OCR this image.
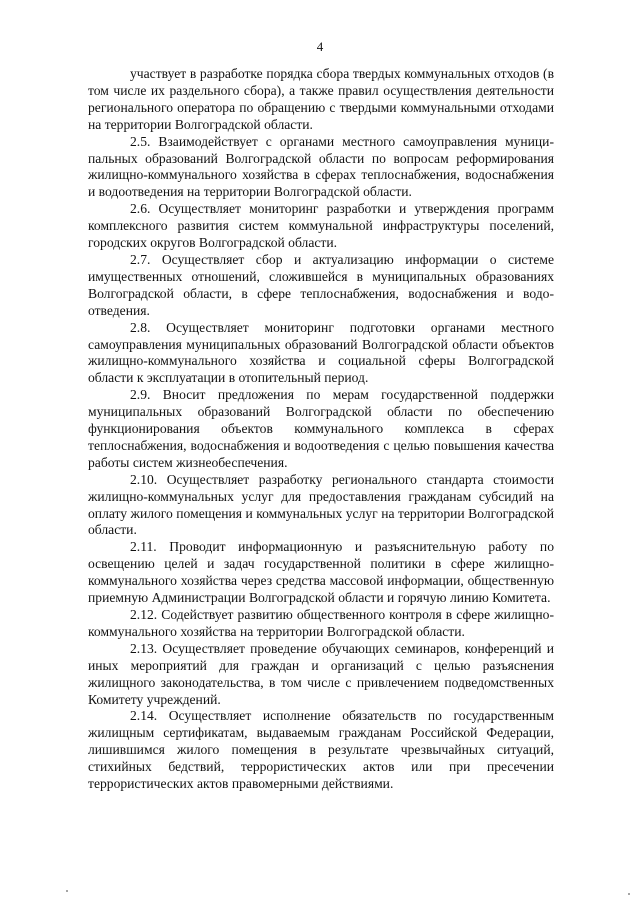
4

участвует в разработке порядка сбора твердых коммунальных отходов (в том числе их раздельного сбора), а также правил осуществления деятельности регионального оператора по обращению с твердыми коммунальными отходами на территории Волгоградской области.

2.5. Взаимодействует с органами местного самоуправления муниципальных образований Волгоградской области по вопросам реформирования жилищно-коммунального хозяйства в сферах теплоснабжения, водоснабжения и водоотведения на территории Волгоградской области.

2.6. Осуществляет мониторинг разработки и утверждения программ комплексного развития систем коммунальной инфраструктуры поселений, городских округов Волгоградской области.

2.7. Осуществляет сбор и актуализацию информации о системе имущественных отношений, сложившейся в муниципальных образованиях Волгоградской области, в сфере теплоснабжения, водоснабжения и водоотведения.

2.8. Осуществляет мониторинг подготовки органами местного самоуправления муниципальных образований Волгоградской области объектов жилищно-коммунального хозяйства и социальной сферы Волгоградской области к эксплуатации в отопительный период.

2.9. Вносит предложения по мерам государственной поддержки муниципальных образований Волгоградской области по обеспечению функционирования объектов коммунального комплекса в сферах теплоснабжения, водоснабжения и водоотведения с целью повышения качества работы систем жизнеобеспечения.

2.10. Осуществляет разработку регионального стандарта стоимости жилищно-коммунальных услуг для предоставления гражданам субсидий на оплату жилого помещения и коммунальных услуг на территории Волгоградской области.

2.11. Проводит информационную и разъяснительную работу по освещению целей и задач государственной политики в сфере жилищно-коммунального хозяйства через средства массовой информации, общественную приемную Администрации Волгоградской области и горячую линию Комитета.

2.12. Содействует развитию общественного контроля в сфере жилищно-коммунального хозяйства на территории Волгоградской области.

2.13. Осуществляет проведение обучающих семинаров, конференций и иных мероприятий для граждан и организаций с целью разъяснения жилищного законодательства, в том числе с привлечением подведомственных Комитету учреждений.

2.14. Осуществляет исполнение обязательств по государственным жилищным сертификатам, выдаваемым гражданам Российской Федерации, лишившимся жилого помещения в результате чрезвычайных ситуаций, стихийных бедствий, террористических актов или при пресечении террористических актов правомерными действиями.
